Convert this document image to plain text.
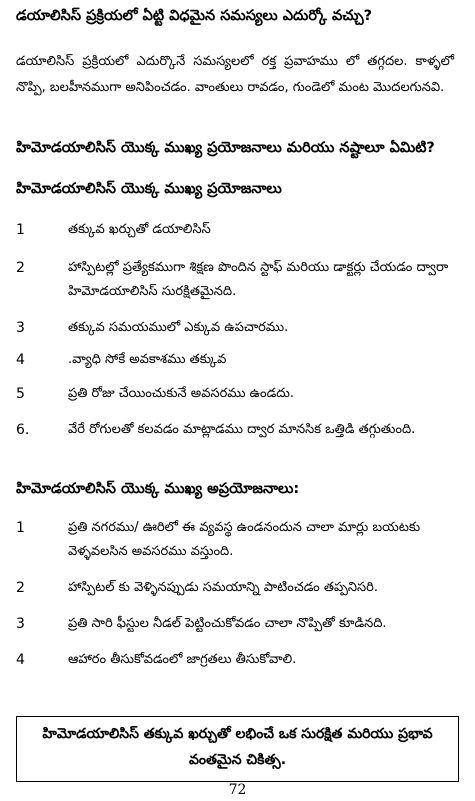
డయాలిసిస్ ప్రక్రియలో ఏట్టి విధమైన సమస్యలు ఎదుర్కో వచ్చు?
డయాలిసిస్ ప్రక్రియలో ఎదుర్కొనే సమస్యలలో రక్త ప్రవాహము లో తగ్గదల. కాళ్ళలో నొప్పి, బలహీనముగా అనిపించడం. వాంతులు రావడం, గుండెలో మంట మొదలగునవి.
హిమోడయాలిసిస్ యొక్క ముఖ్య ప్రయోజనాలు మరియు నష్టాలూ ఏమిటి?
హిమోడయాలిసిస్ యొక్క ముఖ్య ప్రయోజనాలు
1	తక్కువ ఖర్చుతో డయాలిసిస్
2	హాస్పిటల్లో ప్రత్యేకముగా శిక్షణ పొందిన స్టాఫ్ మరియు డాక్టర్లు చేయడం ద్వారా హిమోడయాలిసిస్ సురక్షితమైనది.
3	తక్కువ సమయములో ఎక్కువ ఉపచారము.
4	.వ్యాధి సోకే అవకాశము తక్కువ
5	ప్రతి రోజు చేయించుకునే అవసరము ఉండదు.
6.	వేరే రోగులతో కలవడం మాట్లాడము ద్వార మానసిక ఒత్తిడి తగ్గుతుంది.
హిమోడయాలిసిస్ యొక్క ముఖ్య అప్రయోజనాలు:
1	ప్రతి నగరము/ ఊరిలో ఈ వ్యవస్థ ఉండనందున చాలా మార్లు బయటకు వెళ్ళవలసిన అవసరము వస్తుంది.
2	హాస్పిటల్ కు వెళ్ళినప్పుడు సమయాన్ని పాటించడం తప్పనిసరి.
3	ప్రతి సారి ఫీస్టుల నీడల్ పెట్టించుకోవడం చాలా నొప్పితో కూడినది.
4	ఆహారం తీసుకోవడంలో జాగ్రతలు తీసుకోవాలి.
హిమోడయాలిసిస్ తక్కువ ఖర్చుతో లభించే ఒక సురక్షిత మరియు ప్రభావ వంతమైన చికిత్స.
72
